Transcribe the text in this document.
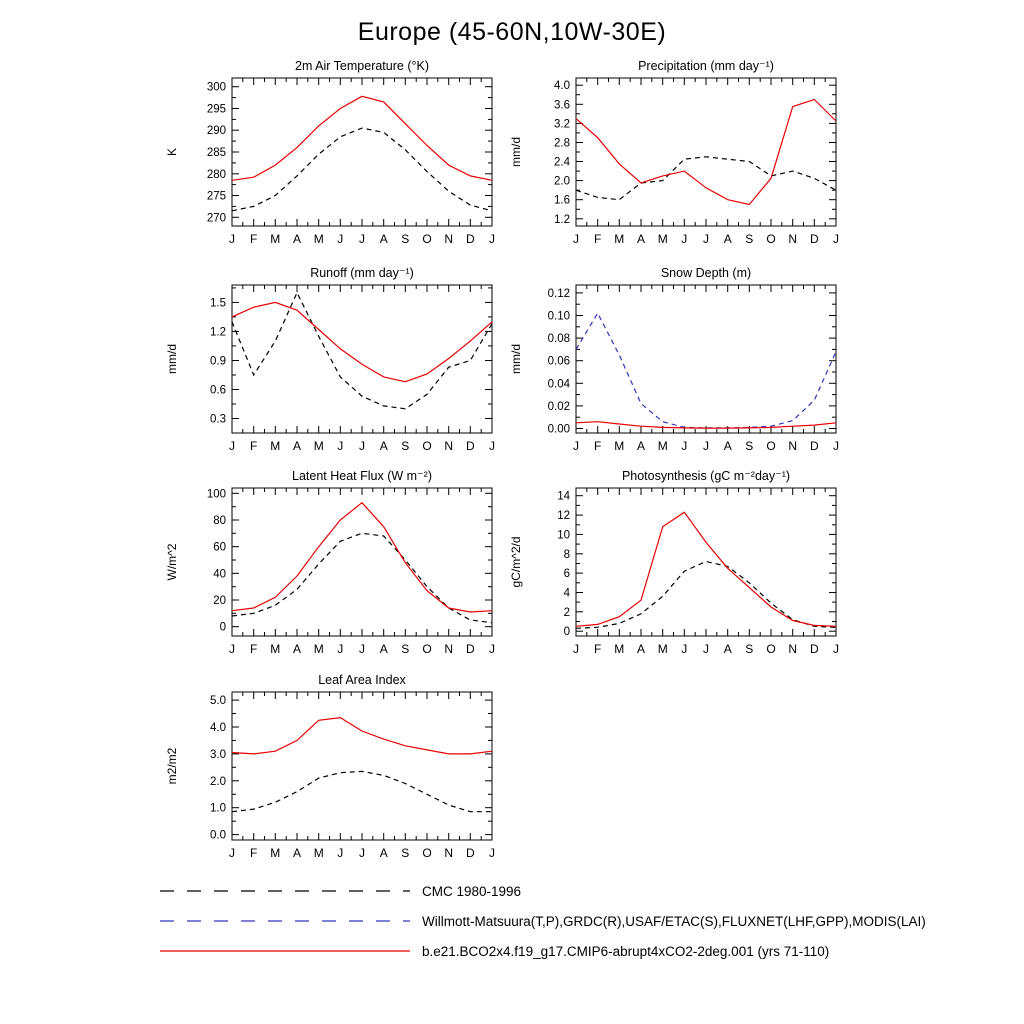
Europe (45-60N,10W-30E)
270
275
280
285
290
295
300
J F M A M J J A S O N D J
2m Air Temperature (°K)
K
1.2
1.6
2.0
2.4
2.8
3.2
3.6
4.0
J F M A M J J A S O N D J
Precipitation (mm day⁻¹)
mm/d
0.3
0.6
0.9
1.2
1.5
J F M A M J J A S O N D J
Runoff (mm day⁻¹)
mm/d
0.00
0.02
0.04
0.06
0.08
0.10
0.12
J F M A M J J A S O N D J
Snow Depth (m)
mm/d
0
20
40
60
80
100
J F M A M J J A S O N D J
Latent Heat Flux (W m⁻²)
W/m^2
0
2
4
6
8
10
12
14
J F M A M J J A S O N D J
Photosynthesis (gC m⁻²day⁻¹)
gC/m^2/d
0.0
1.0
2.0
3.0
4.0
5.0
J F M A M J J A S O N D J
Leaf Area Index
m2/m2
CMC 1980-1996
Willmott-Matsuura(T,P),GRDC(R),USAF/ETAC(S),FLUXNET(LHF,GPP),MODIS(LAI)
b.e21.BCO2x4.f19_g17.CMIP6-abrupt4xCO2-2deg.001 (yrs 71-110)
